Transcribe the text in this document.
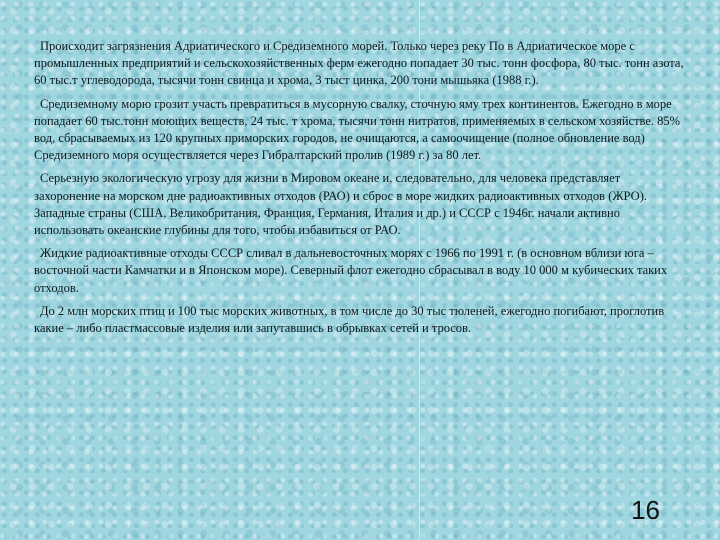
Происходит загрязнения Адриатического и Средиземного морей. Только через реку По в Адриатическое море с промышленных предприятий и сельскохозяйственных ферм ежегодно попадает 30 тыс. тонн фосфора, 80 тыс. тонн азота, 60 тыс.т углеводорода, тысячи тонн свинца и хрома, 3 тыст цинка, 200 тони мышьяка (1988 г.).

Средиземному морю грозит участь превратиться в мусорную свалку, сточную яму трех континентов. Ежегодно в море попадает 60 тыс.тонн моющих веществ, 24 тыс. т хрома, тысячи тонн нитратов, применяемых в сельском хозяйстве. 85% вод, сбрасываемых из 120 крупных приморских городов, не очищаются, а самоочищение (полное обновление вод) Средиземного моря осуществляется через Гибралтарский пролив (1989 г.) за 80 лет.

Серьезную экологическую угрозу для жизни в Мировом океане и, следовательно, для человека представляет захоронение на морском дне радиоактивных отходов (РАО) и сброс в море жидких радиоактивных отходов (ЖРО). Западные страны (США, Великобритания, Франция, Германия, Италия и др.) и СССР с 1946г. начали активно использовать океанские глубины для того, чтобы избавиться от РАО.

Жидкие радиоактивные отходы СССР сливал в дальневосточных морях с 1966 по 1991 г. (в основном вблизи юга – восточной части Камчатки и в Японском море). Северный флот ежегодно сбрасывал в воду 10 000 м кубических таких отходов.

До 2 млн морских птиц и 100 тыс морских животных, в том числе до 30 тыс тюленей, ежегодно погибают, проглотив какие – либо пластмассовые изделия или запутавшись в обрывках сетей и тросов.

16
